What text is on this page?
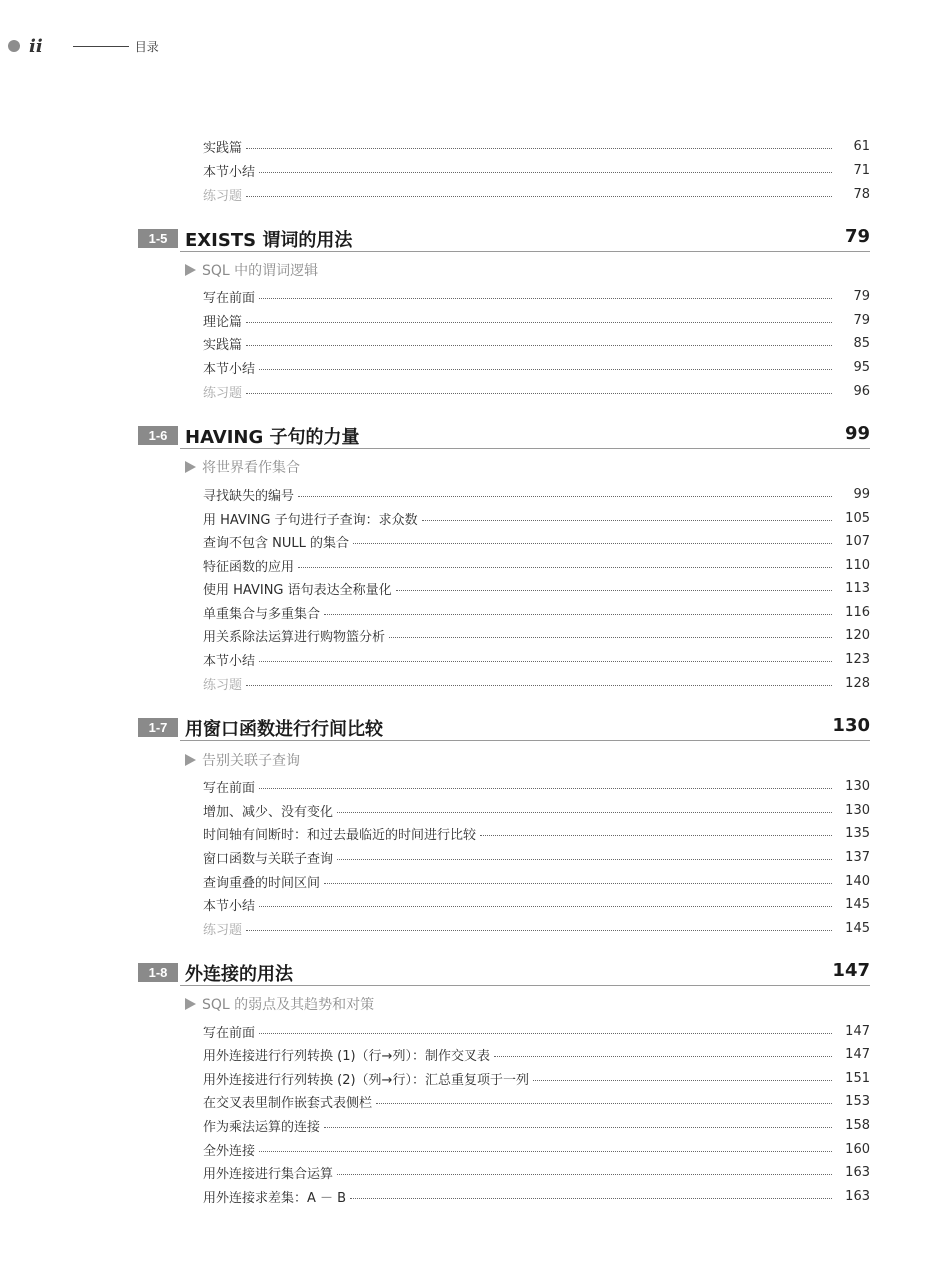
ii	目录
实践篇	61
本节小结	71
练习题	78
1-5 EXISTS 谓词的用法	79
SQL 中的谓词逻辑
写在前面	79
理论篇	79
实践篇	85
本节小结	95
练习题	96
1-6 HAVING 子句的力量	99
将世界看作集合
寻找缺失的编号	99
用 HAVING 子句进行子查询：求众数	105
查询不包含 NULL 的集合	107
特征函数的应用	110
使用 HAVING 语句表达全称量化	113
单重集合与多重集合	116
用关系除法运算进行购物篮分析	120
本节小结	123
练习题	128
1-7 用窗口函数进行行间比较	130
告别关联子查询
写在前面	130
增加、减少、没有变化	130
时间轴有间断时：和过去最临近的时间进行比较	135
窗口函数与关联子查询	137
查询重叠的时间区间	140
本节小结	145
练习题	145
1-8 外连接的用法	147
SQL 的弱点及其趋势和对策
写在前面	147
用外连接进行行列转换 (1)（行→列）：制作交叉表	147
用外连接进行行列转换 (2)（列→行）：汇总重复项于一列	151
在交叉表里制作嵌套式表侧栏	153
作为乘法运算的连接	158
全外连接	160
用外连接进行集合运算	163
用外连接求差集：A － B	163
